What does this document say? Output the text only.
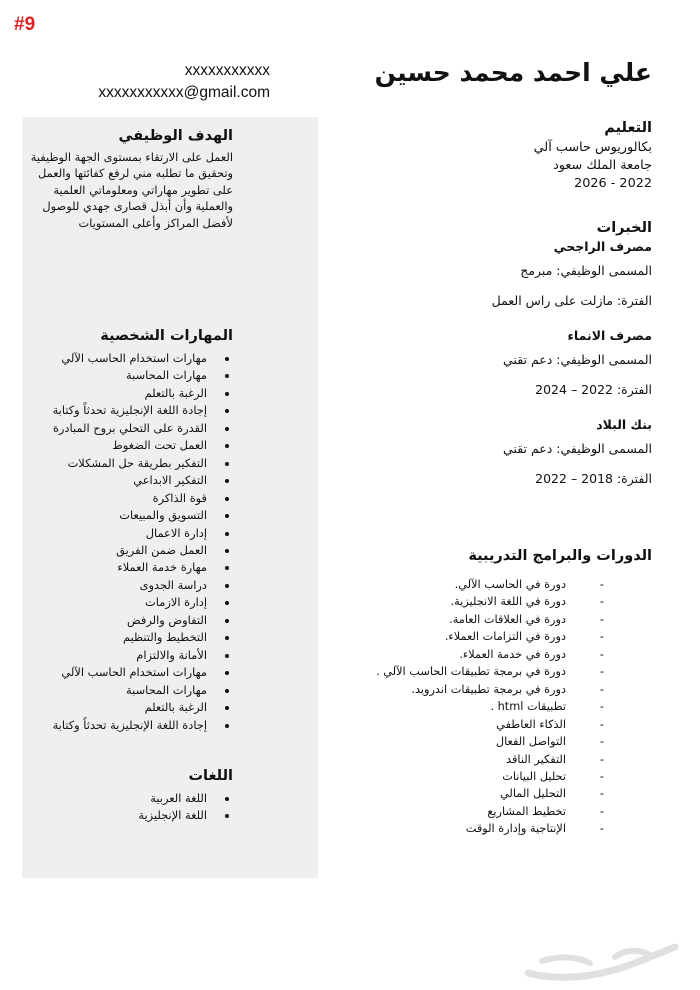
#9
xxxxxxxxxxx
xxxxxxxxxxx@gmail.com
علي احمد محمد حسين
الهدف الوظيفي
العمل على الارتقاء بمستوى الجهة الوظيفية وتحقيق ما تطلبه مني لرفع كفائتها والعمل على تطوير مهاراتي ومعلوماتي العلمية والعملية وأن أبذل قصارى جهدي للوصول لأفضل المراكز وأعلى المستويات
المهارات الشخصية
مهارات استخدام الحاسب الآلي
مهارات المحاسبة
الرغبة بالتعلم
إجادة اللغة الإنجليزية تحدثاً وكتابة
القدرة على التحلي بروح المبادرة
العمل تحت الضغوط
التفكير بطريقة حل المشكلات
التفكير الابداعي
قوة الذاكرة
التسويق والمبيعات
إدارة الاعمال
العمل ضمن الفريق
مهارة خدمة العملاء
دراسة الجدوى
إدارة الازمات
التفاوض والرفض
التخطيط والتنظيم
الأمانة والالتزام
مهارات استخدام الحاسب الآلي
مهارات المحاسبة
الرغبة بالتعلم
إجادة اللغة الإنجليزية تحدثاً وكتابة
اللغات
اللغة العربية
اللغة الإنجليزية
التعليم
بكالوريوس حاسب آلي
جامعة الملك سعود
2022 - 2026
الخبرات
مصرف الراجحي
المسمى الوظيفي: مبرمج
الفترة: مازلت على راس العمل
مصرف الانماء
المسمى الوظيفي: دعم تقني
الفترة: 2022 – 2024
بنك البلاد
المسمى الوظيفي: دعم تقني
الفترة: 2018 – 2022
الدورات والبرامج التدريبية
- دورة في الحاسب الآلي.
- دورة في اللغة الانجليزية.
- دورة في العلاقات العامة.
- دورة في التزامات العملاء.
- دورة في خدمة العملاء.
- دورة في برمجة تطبيقات الحاسب الآلي .
- دورة في برمجة تطبيقات اندرويد.
- تطبيقات html .
- الذكاء العاطفي
- التواصل الفعال
- التفكير الناقد
- تحليل البيانات
- التحليل المالي
- تخطيط المشاريع
- الإنتاجية وإدارة الوقت
